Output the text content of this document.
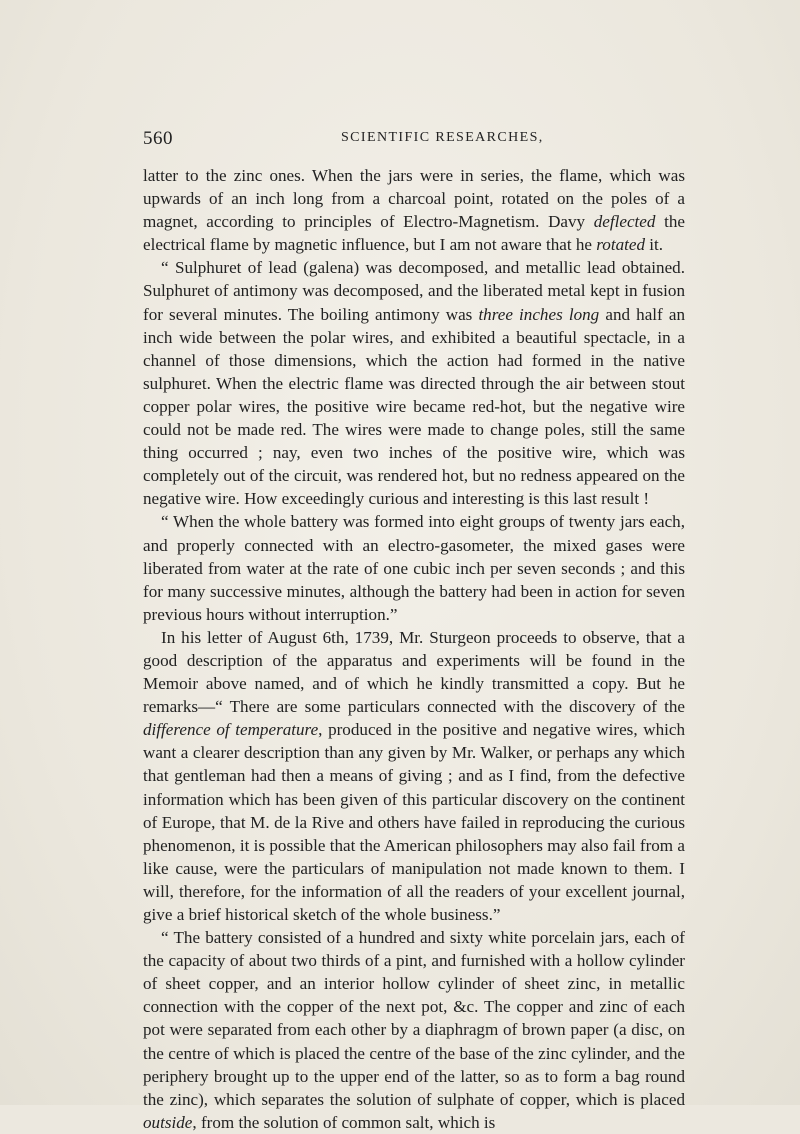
560	SCIENTIFIC RESEARCHES,

latter to the zinc ones. When the jars were in series, the flame, which was upwards of an inch long from a charcoal point, rotated on the poles of a magnet, according to principles of Electro-Magnetism. Davy deflected the electrical flame by magnetic influence, but I am not aware that he rotated it.

“ Sulphuret of lead (galena) was decomposed, and metallic lead obtained. Sulphuret of antimony was decomposed, and the liberated metal kept in fusion for several minutes. The boiling antimony was three inches long and half an inch wide between the polar wires, and exhibited a beautiful spectacle, in a channel of those dimensions, which the action had formed in the native sulphuret. When the electric flame was directed through the air between stout copper polar wires, the positive wire became red-hot, but the negative wire could not be made red. The wires were made to change poles, still the same thing occurred ; nay, even two inches of the positive wire, which was completely out of the circuit, was rendered hot, but no redness appeared on the negative wire. How exceedingly curious and interesting is this last result !

“ When the whole battery was formed into eight groups of twenty jars each, and properly connected with an electro-gasometer, the mixed gases were liberated from water at the rate of one cubic inch per seven seconds ; and this for many successive minutes, although the battery had been in action for seven previous hours without interruption.”

In his letter of August 6th, 1739, Mr. Sturgeon proceeds to observe, that a good description of the apparatus and experiments will be found in the Memoir above named, and of which he kindly transmitted a copy. But he remarks—“ There are some particulars connected with the discovery of the difference of temperature, produced in the positive and negative wires, which want a clearer description than any given by Mr. Walker, or perhaps any which that gentleman had then a means of giving ; and as I find, from the defective information which has been given of this particular discovery on the continent of Europe, that M. de la Rive and others have failed in reproducing the curious phenomenon, it is possible that the American philosophers may also fail from a like cause, were the particulars of manipulation not made known to them. I will, therefore, for the information of all the readers of your excellent journal, give a brief historical sketch of the whole business.”

“ The battery consisted of a hundred and sixty white porcelain jars, each of the capacity of about two thirds of a pint, and furnished with a hollow cylinder of sheet copper, and an interior hollow cylinder of sheet zinc, in metallic connection with the copper of the next pot, &c. The copper and zinc of each pot were separated from each other by a diaphragm of brown paper (a disc, on the centre of which is placed the centre of the base of the zinc cylinder, and the periphery brought up to the upper end of the latter, so as to form a bag round the zinc), which separates the solution of sulphate of copper, which is placed outside, from the solution of common salt, which is
